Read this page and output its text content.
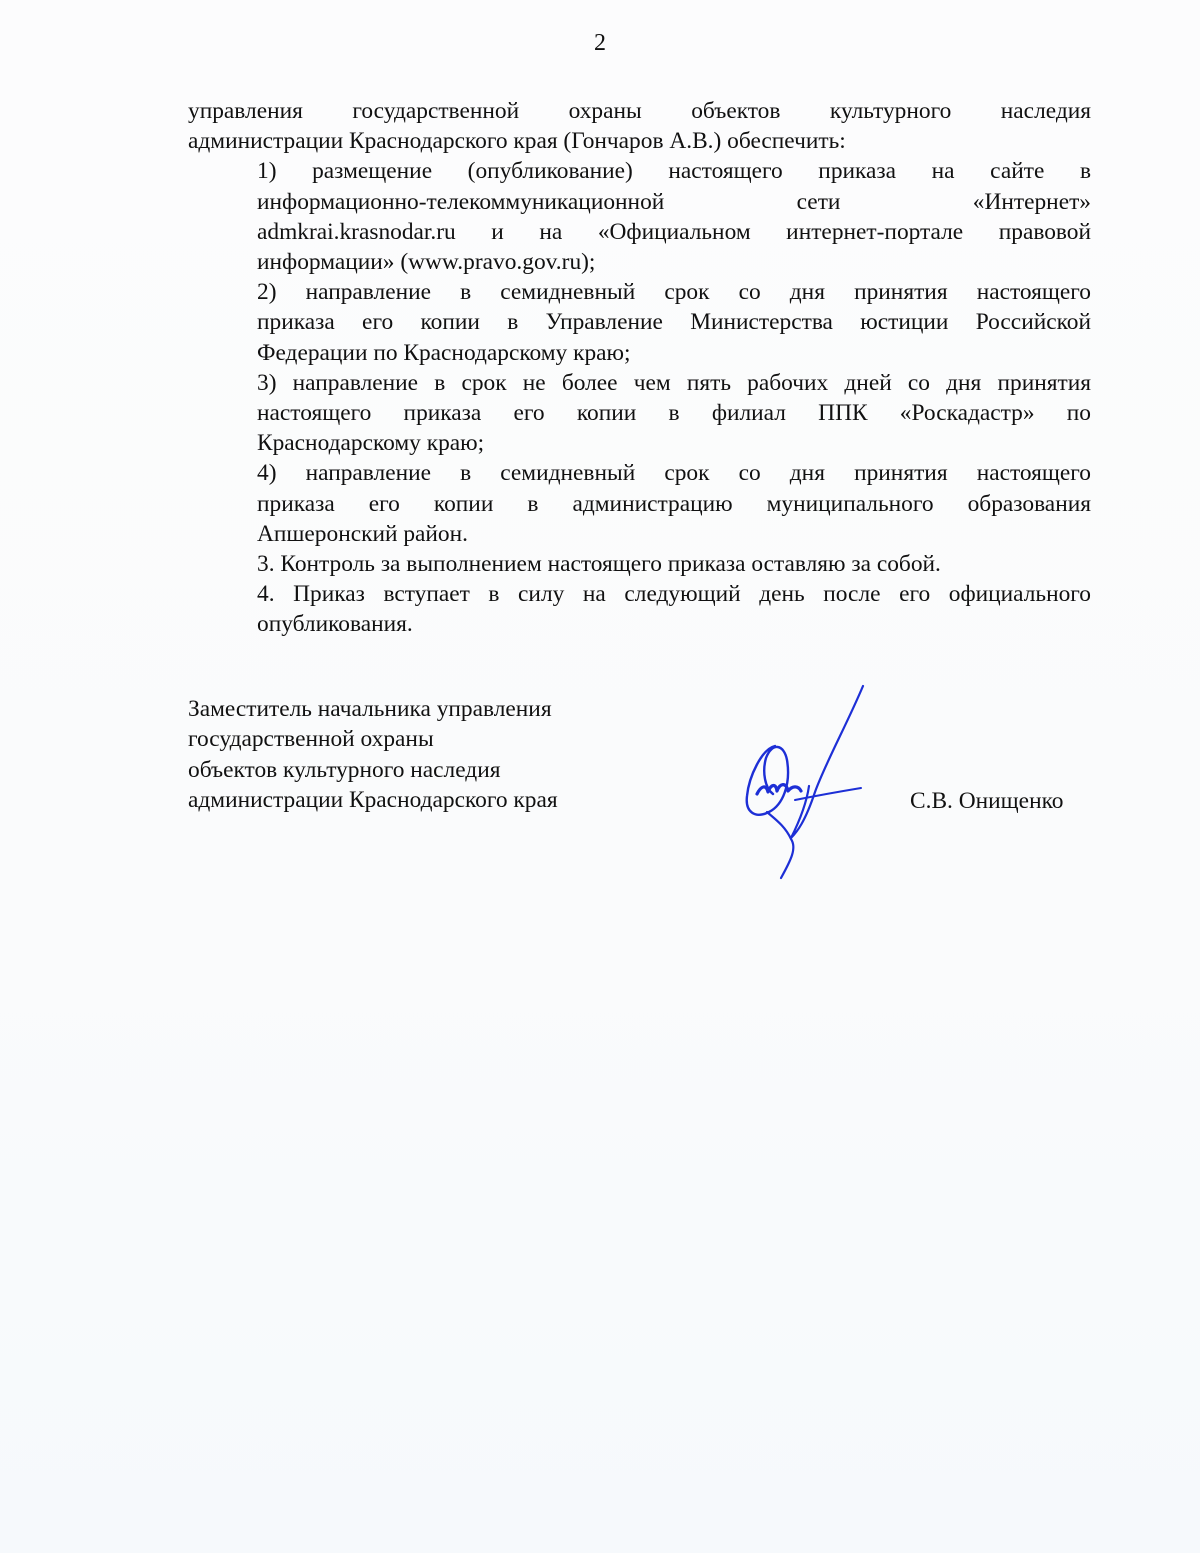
2

управления государственной охраны объектов культурного наследия
администрации Краснодарского края (Гончаров А.В.) обеспечить:

1) размещение (опубликование) настоящего приказа на сайте в
информационно-телекоммуникационной сети «Интернет»
admkrai.krasnodar.ru и на «Официальном интернет-портале правовой
информации» (www.pravo.gov.ru);

2) направление в семидневный срок со дня принятия настоящего
приказа его копии в Управление Министерства юстиции Российской
Федерации по Краснодарскому краю;

3) направление в срок не более чем пять рабочих дней со дня принятия
настоящего приказа его копии в филиал ППК «Роскадастр» по
Краснодарскому краю;

4) направление в семидневный срок со дня принятия настоящего
приказа его копии в администрацию муниципального образования
Апшеронский район.

3. Контроль за выполнением настоящего приказа оставляю за собой.

4. Приказ вступает в силу на следующий день после его официального
опубликования.

Заместитель начальника управления
государственной охраны
объектов культурного наследия
администрации Краснодарского края	С.В. Онищенко
